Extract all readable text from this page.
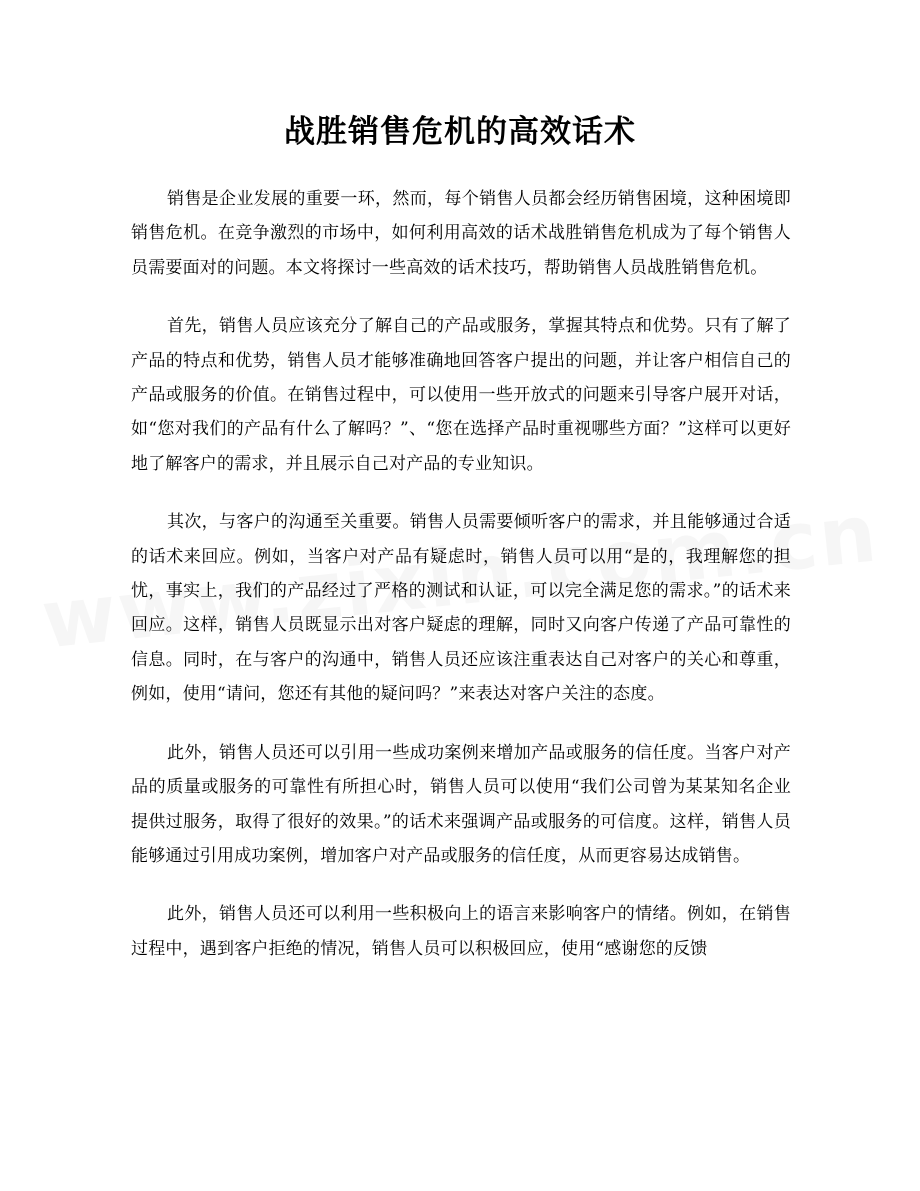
战胜销售危机的高效话术

销售是企业发展的重要一环，然而，每个销售人员都会经历销售困境，这种困境即销售危机。在竞争激烈的市场中，如何利用高效的话术战胜销售危机成为了每个销售人员需要面对的问题。本文将探讨一些高效的话术技巧，帮助销售人员战胜销售危机。

首先，销售人员应该充分了解自己的产品或服务，掌握其特点和优势。只有了解了产品的特点和优势，销售人员才能够准确地回答客户提出的问题，并让客户相信自己的产品或服务的价值。在销售过程中，可以使用一些开放式的问题来引导客户展开对话，如“您对我们的产品有什么了解吗？”、“您在选择产品时重视哪些方面？”这样可以更好地了解客户的需求，并且展示自己对产品的专业知识。

其次，与客户的沟通至关重要。销售人员需要倾听客户的需求，并且能够通过合适的话术来回应。例如，当客户对产品有疑虑时，销售人员可以用“是的，我理解您的担忧，事实上，我们的产品经过了严格的测试和认证，可以完全满足您的需求。”的话术来回应。这样，销售人员既显示出对客户疑虑的理解，同时又向客户传递了产品可靠性的信息。同时，在与客户的沟通中，销售人员还应该注重表达自己对客户的关心和尊重，例如，使用“请问，您还有其他的疑问吗？”来表达对客户关注的态度。

此外，销售人员还可以引用一些成功案例来增加产品或服务的信任度。当客户对产品的质量或服务的可靠性有所担心时，销售人员可以使用“我们公司曾为某某知名企业提供过服务，取得了很好的效果。”的话术来强调产品或服务的可信度。这样，销售人员能够通过引用成功案例，增加客户对产品或服务的信任度，从而更容易达成销售。

此外，销售人员还可以利用一些积极向上的语言来影响客户的情绪。例如，在销售过程中，遇到客户拒绝的情况，销售人员可以积极回应，使用“感谢您的反馈
